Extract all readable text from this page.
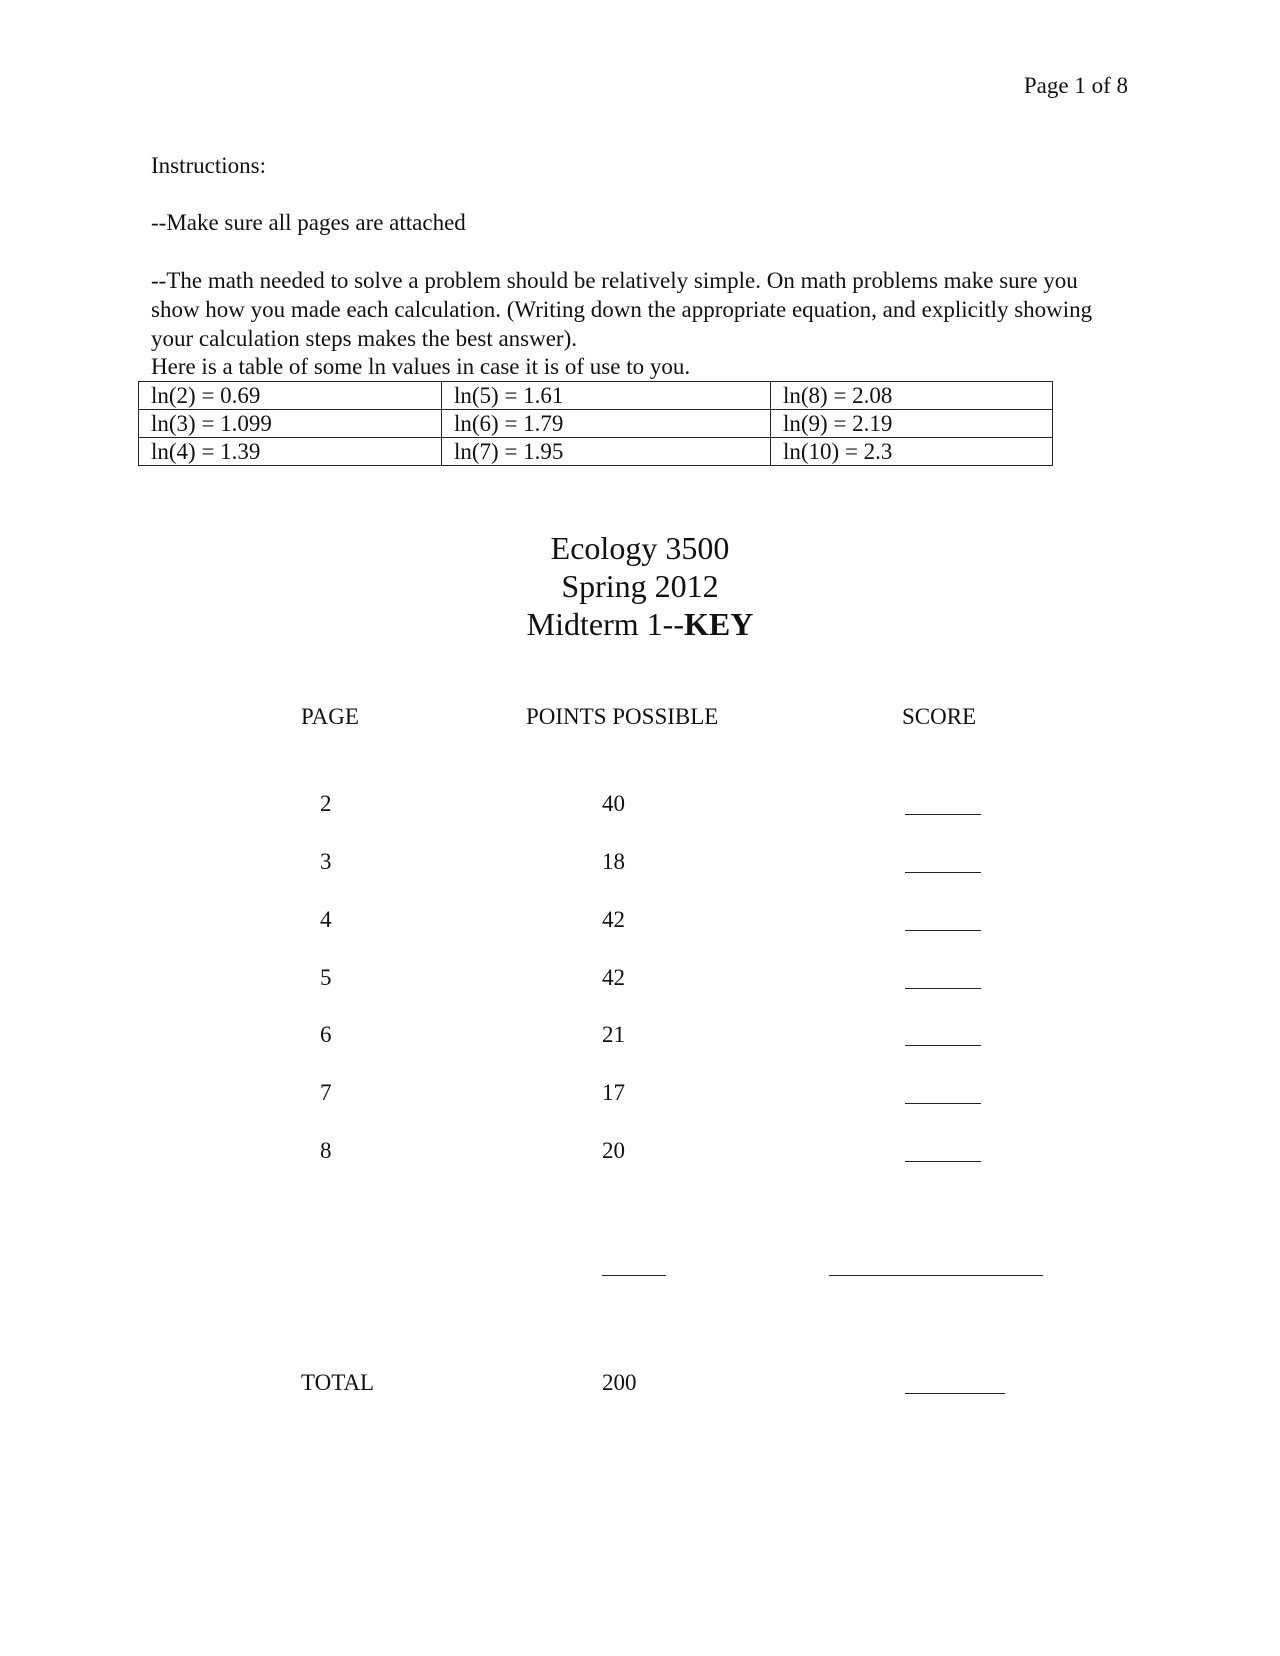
Page 1 of 8
Instructions:
--Make sure all pages are attached
--The math needed to solve a problem should be relatively simple. On math problems make sure you show how you made each calculation. (Writing down the appropriate equation, and explicitly showing your calculation steps makes the best answer).
Here is a table of some ln values in case it is of use to you.
ln(2) = 0.69	ln(5) = 1.61	ln(8) = 2.08
ln(3) = 1.099	ln(6) = 1.79	ln(9) = 2.19
ln(4) = 1.39	ln(7) = 1.95	ln(10) = 2.3
Ecology 3500
Spring 2012
Midterm 1--KEY
PAGE	POINTS POSSIBLE	SCORE
2	40
3	18
4	42
5	42
6	21
7	17
8	20
TOTAL	200
